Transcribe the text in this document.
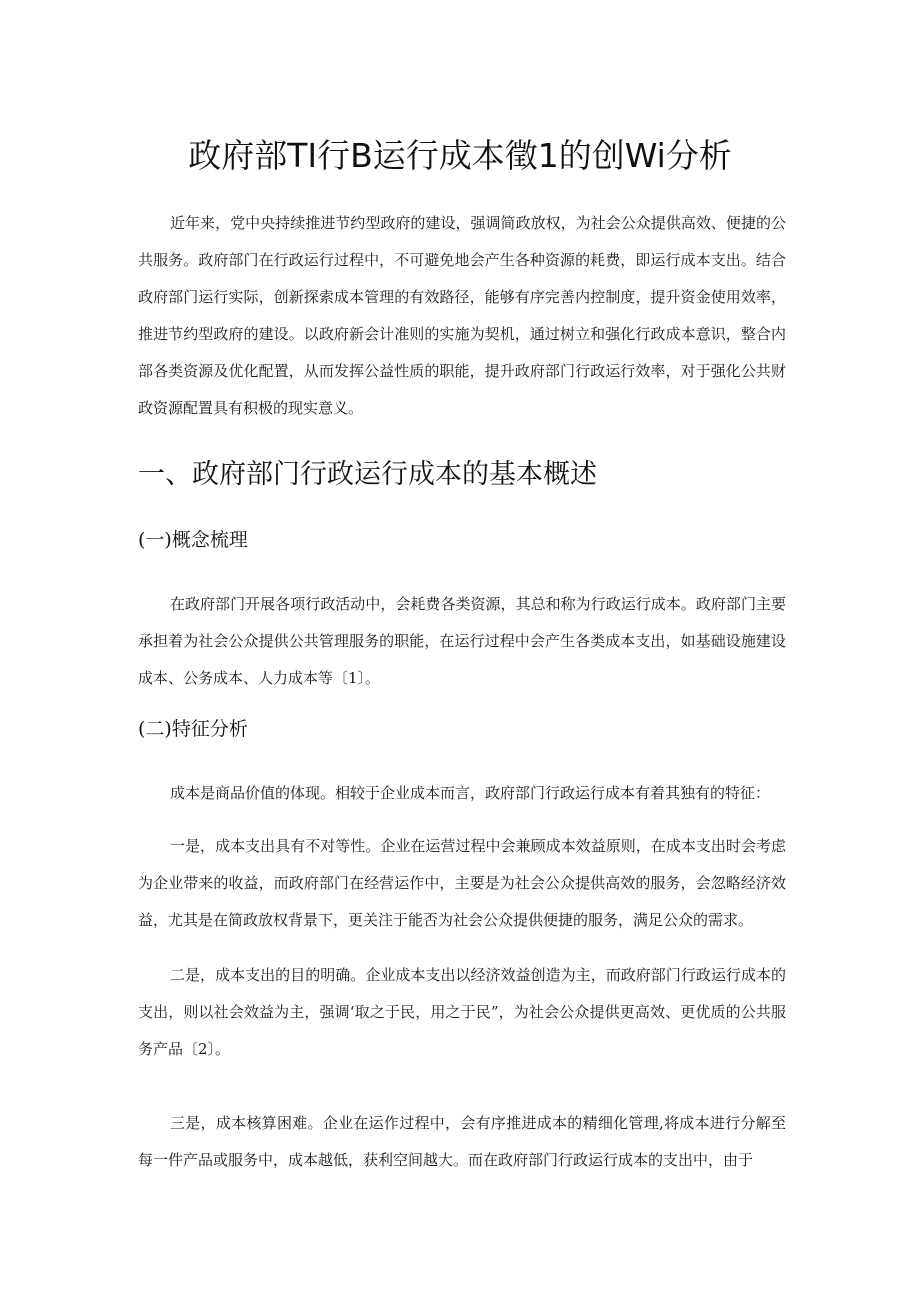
政府部TI行B运行成本徵1的创Wi分析

近年来，党中央持续推进节约型政府的建设，强调简政放权，为社会公众提供高效、便捷的公共服务。政府部门在行政运行过程中，不可避免地会产生各种资源的耗费，即运行成本支出。结合政府部门运行实际，创新探索成本管理的有效路径，能够有序完善内控制度，提升资金使用效率，推进节约型政府的建设。以政府新会计准则的实施为契机，通过树立和强化行政成本意识，整合内部各类资源及优化配置，从而发挥公益性质的职能，提升政府部门行政运行效率，对于强化公共财政资源配置具有积极的现实意义。

一、政府部门行政运行成本的基本概述
(一)概念梳理

在政府部门开展各项行政活动中，会耗费各类资源，其总和称为行政运行成本。政府部门主要承担着为社会公众提供公共管理服务的职能，在运行过程中会产生各类成本支出，如基础设施建设成本、公务成本、人力成本等〔1〕。

(二)特征分析

成本是商品价值的体现。相较于企业成本而言，政府部门行政运行成本有着其独有的特征：

一是，成本支出具有不对等性。企业在运营过程中会兼顾成本效益原则，在成本支出时会考虑为企业带来的收益，而政府部门在经营运作中，主要是为社会公众提供高效的服务，会忽略经济效益，尤其是在简政放权背景下，更关注于能否为社会公众提供便捷的服务，满足公众的需求。

二是，成本支出的目的明确。企业成本支出以经济效益创造为主，而政府部门行政运行成本的支出，则以社会效益为主，强调‘取之于民，用之于民”，为社会公众提供更高效、更优质的公共服务产品〔2〕。

三是，成本核算困难。企业在运作过程中，会有序推进成本的精细化管理,将成本进行分解至每一件产品或服务中，成本越低，获利空间越大。而在政府部门行政运行成本的支出中，由于
